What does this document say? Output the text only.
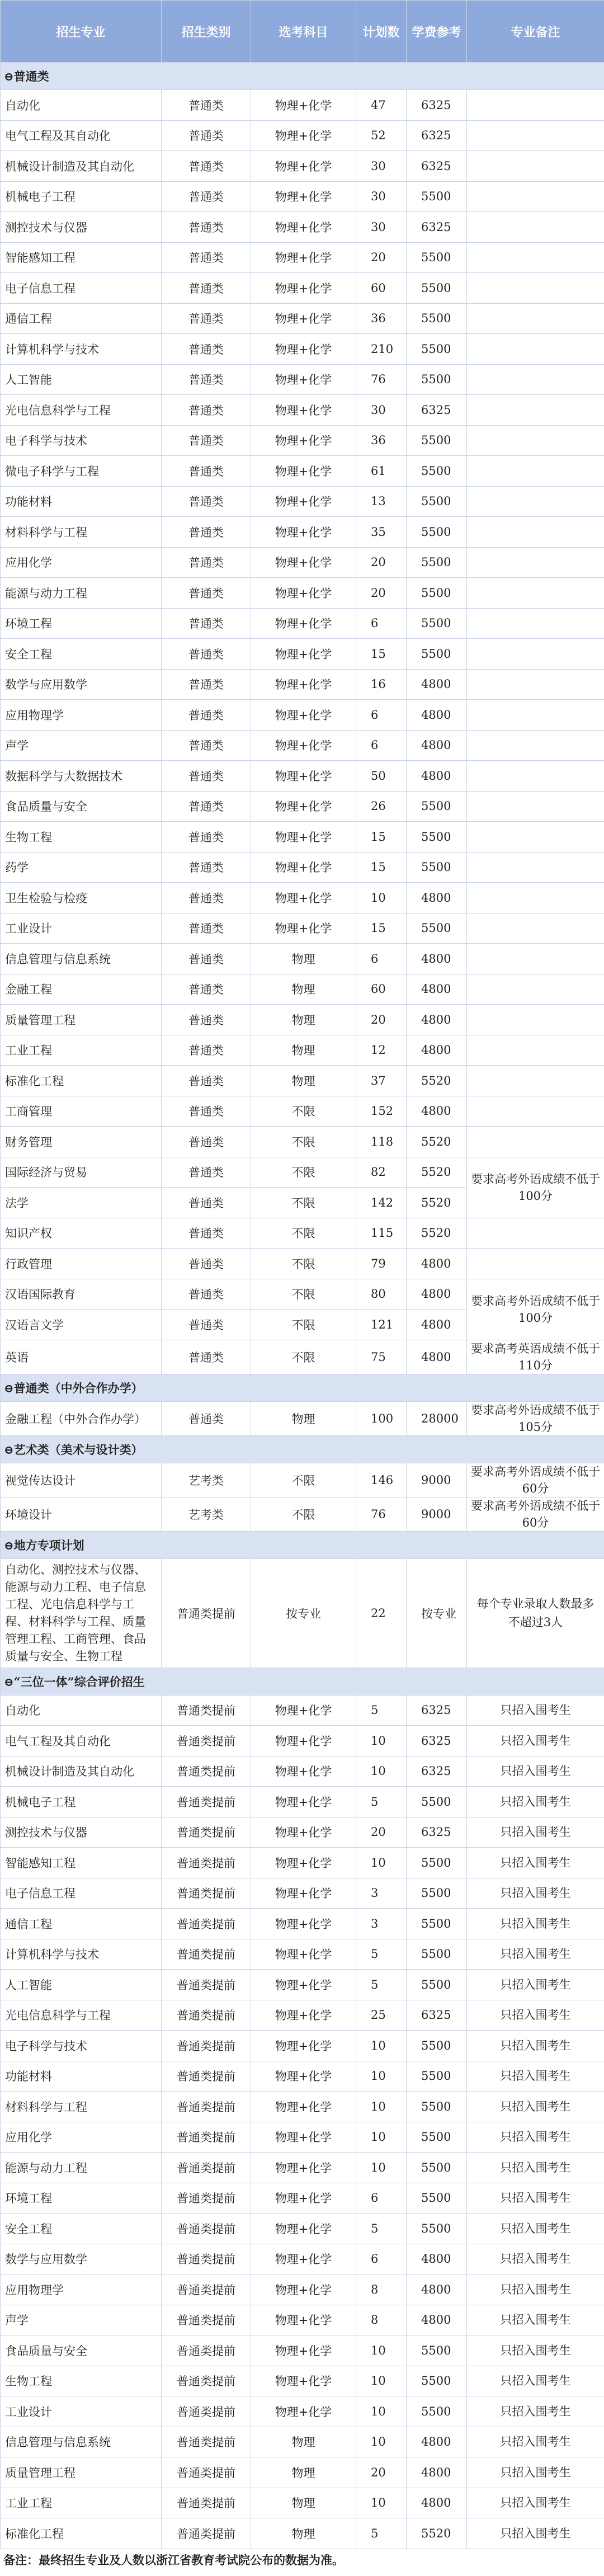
招生专业	招生类别	选考科目	计划数	学费参考	专业备注
⊖普通类					
自动化	普通类	物理+化学	47	6325	
电气工程及其自动化	普通类	物理+化学	52	6325	
机械设计制造及其自动化	普通类	物理+化学	30	6325	
机械电子工程	普通类	物理+化学	30	5500	
测控技术与仪器	普通类	物理+化学	30	6325	
智能感知工程	普通类	物理+化学	20	5500	
电子信息工程	普通类	物理+化学	60	5500	
通信工程	普通类	物理+化学	36	5500	
计算机科学与技术	普通类	物理+化学	210	5500	
人工智能	普通类	物理+化学	76	5500	
光电信息科学与工程	普通类	物理+化学	30	6325	
电子科学与技术	普通类	物理+化学	36	5500	
微电子科学与工程	普通类	物理+化学	61	5500	
功能材料	普通类	物理+化学	13	5500	
材料科学与工程	普通类	物理+化学	35	5500	
应用化学	普通类	物理+化学	20	5500	
能源与动力工程	普通类	物理+化学	20	5500	
环境工程	普通类	物理+化学	6	5500	
安全工程	普通类	物理+化学	15	5500	
数学与应用数学	普通类	物理+化学	16	4800	
应用物理学	普通类	物理+化学	6	4800	
声学	普通类	物理+化学	6	4800	
数据科学与大数据技术	普通类	物理+化学	50	4800	
食品质量与安全	普通类	物理+化学	26	5500	
生物工程	普通类	物理+化学	15	5500	
药学	普通类	物理+化学	15	5500	
卫生检验与检疫	普通类	物理+化学	10	4800	
工业设计	普通类	物理+化学	15	5500	
信息管理与信息系统	普通类	物理	6	4800	
金融工程	普通类	物理	60	4800	
质量管理工程	普通类	物理	20	4800	
工业工程	普通类	物理	12	4800	
标准化工程	普通类	物理	37	5520	
工商管理	普通类	不限	152	4800	
财务管理	普通类	不限	118	5520	
国际经济与贸易	普通类	不限	82	5520	要求高考外语成绩不低于100分
法学	普通类	不限	142	5520	
知识产权	普通类	不限	115	5520	
行政管理	普通类	不限	79	4800	
汉语国际教育	普通类	不限	80	4800	要求高考外语成绩不低于100分
汉语言文学	普通类	不限	121	4800	
英语	普通类	不限	75	4800	要求高考英语成绩不低于110分
⊖普通类（中外合作办学）					
金融工程（中外合作办学）	普通类	物理	100	28000	要求高考外语成绩不低于105分
⊖艺术类（美术与设计类）					
视觉传达设计	艺考类	不限	146	9000	要求高考外语成绩不低于60分
环境设计	艺考类	不限	76	9000	要求高考外语成绩不低于60分
⊖地方专项计划					
自动化、测控技术与仪器、能源与动力工程、电子信息工程、光电信息科学与工程、材料科学与工程、质量管理工程、工商管理、食品质量与安全、生物工程	普通类提前	按专业	22	按专业	每个专业录取人数最多不超过3人
⊖“三位一体”综合评价招生					
自动化	普通类提前	物理+化学	5	6325	只招入围考生
电气工程及其自动化	普通类提前	物理+化学	10	6325	只招入围考生
机械设计制造及其自动化	普通类提前	物理+化学	10	6325	只招入围考生
机械电子工程	普通类提前	物理+化学	5	5500	只招入围考生
测控技术与仪器	普通类提前	物理+化学	20	6325	只招入围考生
智能感知工程	普通类提前	物理+化学	10	5500	只招入围考生
电子信息工程	普通类提前	物理+化学	3	5500	只招入围考生
通信工程	普通类提前	物理+化学	3	5500	只招入围考生
计算机科学与技术	普通类提前	物理+化学	5	5500	只招入围考生
人工智能	普通类提前	物理+化学	5	5500	只招入围考生
光电信息科学与工程	普通类提前	物理+化学	25	6325	只招入围考生
电子科学与技术	普通类提前	物理+化学	10	5500	只招入围考生
功能材料	普通类提前	物理+化学	10	5500	只招入围考生
材料科学与工程	普通类提前	物理+化学	10	5500	只招入围考生
应用化学	普通类提前	物理+化学	10	5500	只招入围考生
能源与动力工程	普通类提前	物理+化学	10	5500	只招入围考生
环境工程	普通类提前	物理+化学	6	5500	只招入围考生
安全工程	普通类提前	物理+化学	5	5500	只招入围考生
数学与应用数学	普通类提前	物理+化学	6	4800	只招入围考生
应用物理学	普通类提前	物理+化学	8	4800	只招入围考生
声学	普通类提前	物理+化学	8	4800	只招入围考生
食品质量与安全	普通类提前	物理+化学	10	5500	只招入围考生
生物工程	普通类提前	物理+化学	10	5500	只招入围考生
工业设计	普通类提前	物理+化学	10	5500	只招入围考生
信息管理与信息系统	普通类提前	物理	10	4800	只招入围考生
质量管理工程	普通类提前	物理	20	4800	只招入围考生
工业工程	普通类提前	物理	10	4800	只招入围考生
标准化工程	普通类提前	物理	5	5520	只招入围考生
备注：最终招生专业及人数以浙江省教育考试院公布的数据为准。
